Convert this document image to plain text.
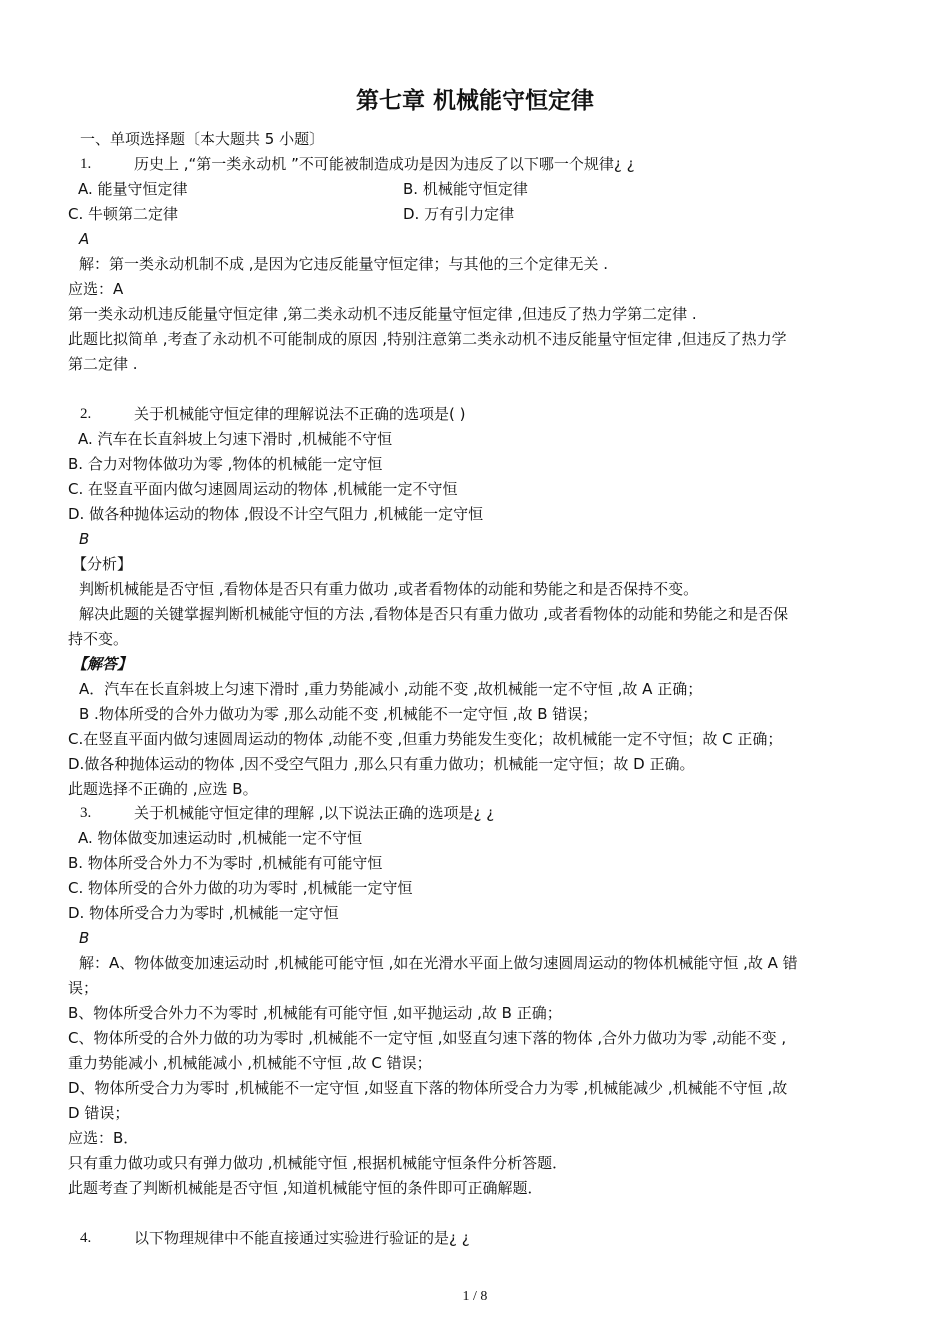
第七章 机械能守恒定律
一、单项选择题〔本大题共 5 小题〕
1.	历史上 ,“第一类永动机 ”不可能被制造成功是因为违反了以下哪一个规律¿ ¿
A. 能量守恒定律	B. 机械能守恒定律
C. 牛顿第二定律	D. 万有引力定律
A
解：第一类永动机制不成 ,是因为它违反能量守恒定律；与其他的三个定律无关 .
应选：A
第一类永动机违反能量守恒定律 ,第二类永动机不违反能量守恒定律 ,但违反了热力学第二定律 .
此题比拟简单 ,考查了永动机不可能制成的原因 ,特别注意第二类永动机不违反能量守恒定律 ,但违反了热力学
第二定律 .
2.	关于机械能守恒定律的理解说法不正确的选项是( )
A. 汽车在长直斜坡上匀速下滑时 ,机械能不守恒
B. 合力对物体做功为零 ,物体的机械能一定守恒
C. 在竖直平面内做匀速圆周运动的物体 ,机械能一定不守恒
D. 做各种抛体运动的物体 ,假设不计空气阻力 ,机械能一定守恒
B
【分析】
判断机械能是否守恒 ,看物体是否只有重力做功 ,或者看物体的动能和势能之和是否保持不变。
解决此题的关键掌握判断机械能守恒的方法 ,看物体是否只有重力做功 ,或者看物体的动能和势能之和是否保
持不变。
【解答】
A．汽车在长直斜坡上匀速下滑时 ,重力势能减小 ,动能不变 ,故机械能一定不守恒 ,故 A 正确；
B .物体所受的合外力做功为零 ,那么动能不变 ,机械能不一定守恒 ,故 B 错误；
C.在竖直平面内做匀速圆周运动的物体 ,动能不变 ,但重力势能发生变化；故机械能一定不守恒；故 C 正确；
D.做各种抛体运动的物体 ,因不受空气阻力 ,那么只有重力做功；机械能一定守恒；故 D 正确。
此题选择不正确的 ,应选 B。
3.	关于机械能守恒定律的理解 ,以下说法正确的选项是¿ ¿
A. 物体做变加速运动时 ,机械能一定不守恒
B. 物体所受合外力不为零时 ,机械能有可能守恒
C. 物体所受的合外力做的功为零时 ,机械能一定守恒
D. 物体所受合力为零时 ,机械能一定守恒
B
解：A、物体做变加速运动时 ,机械能可能守恒 ,如在光滑水平面上做匀速圆周运动的物体机械能守恒 ,故 A 错
误；
B、物体所受合外力不为零时 ,机械能有可能守恒 ,如平抛运动 ,故 B 正确；
C、物体所受的合外力做的功为零时 ,机械能不一定守恒 ,如竖直匀速下落的物体 ,合外力做功为零 ,动能不变 ,
重力势能减小 ,机械能减小 ,机械能不守恒 ,故 C 错误；
D、物体所受合力为零时 ,机械能不一定守恒 ,如竖直下落的物体所受合力为零 ,机械能减少 ,机械能不守恒 ,故
D 错误；
应选：B．
只有重力做功或只有弹力做功 ,机械能守恒 ,根据机械能守恒条件分析答题．
此题考查了判断机械能是否守恒 ,知道机械能守恒的条件即可正确解题．
4.	以下物理规律中不能直接通过实验进行验证的是¿ ¿
1 / 8
